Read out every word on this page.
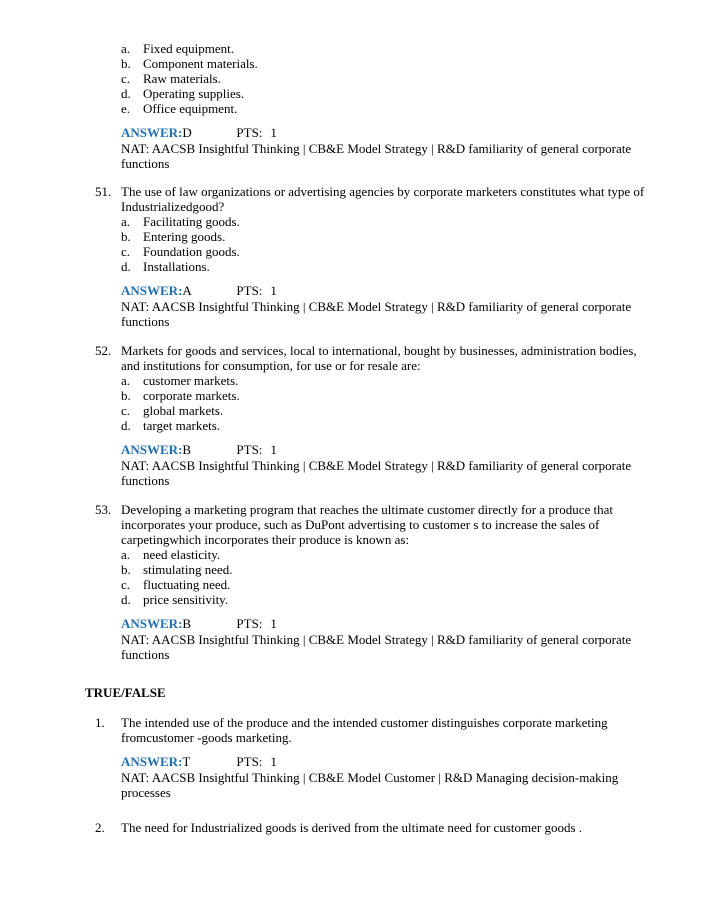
a. Fixed equipment.
b. Component materials.
c. Raw materials.
d. Operating supplies.
e. Office equipment.
ANSWER: D	PTS: 1
NAT: AACSB Insightful Thinking | CB&E Model Strategy | R&D familiarity of general corporate functions
51. The use of law organizations or advertising agencies by corporate marketers constitutes what type of Industrializedgood?
a. Facilitating goods.
b. Entering goods.
c. Foundation goods.
d. Installations.
ANSWER: A	PTS: 1
NAT: AACSB Insightful Thinking | CB&E Model Strategy | R&D familiarity of general corporate functions
52. Markets for goods and services, local to international, bought by businesses, administration bodies, and institutions for consumption, for use or for resale are:
a. customer markets.
b. corporate markets.
c. global markets.
d. target markets.
ANSWER: B	PTS: 1
NAT: AACSB Insightful Thinking | CB&E Model Strategy | R&D familiarity of general corporate functions
53. Developing a marketing program that reaches the ultimate customer directly for a produce that incorporates your produce, such as DuPont advertising to customer s to increase the sales of carpetingwhich incorporates their produce is known as:
a. need elasticity.
b. stimulating need.
c. fluctuating need.
d. price sensitivity.
ANSWER: B	PTS: 1
NAT: AACSB Insightful Thinking | CB&E Model Strategy | R&D familiarity of general corporate functions
TRUE/FALSE
1.	The intended use of the produce and the intended customer distinguishes corporate marketing fromcustomer -goods marketing.
ANSWER: T	PTS: 1
NAT: AACSB Insightful Thinking | CB&E Model Customer | R&D Managing decision-making processes
2.	The need for Industrialized goods is derived from the ultimate need for customer goods .
